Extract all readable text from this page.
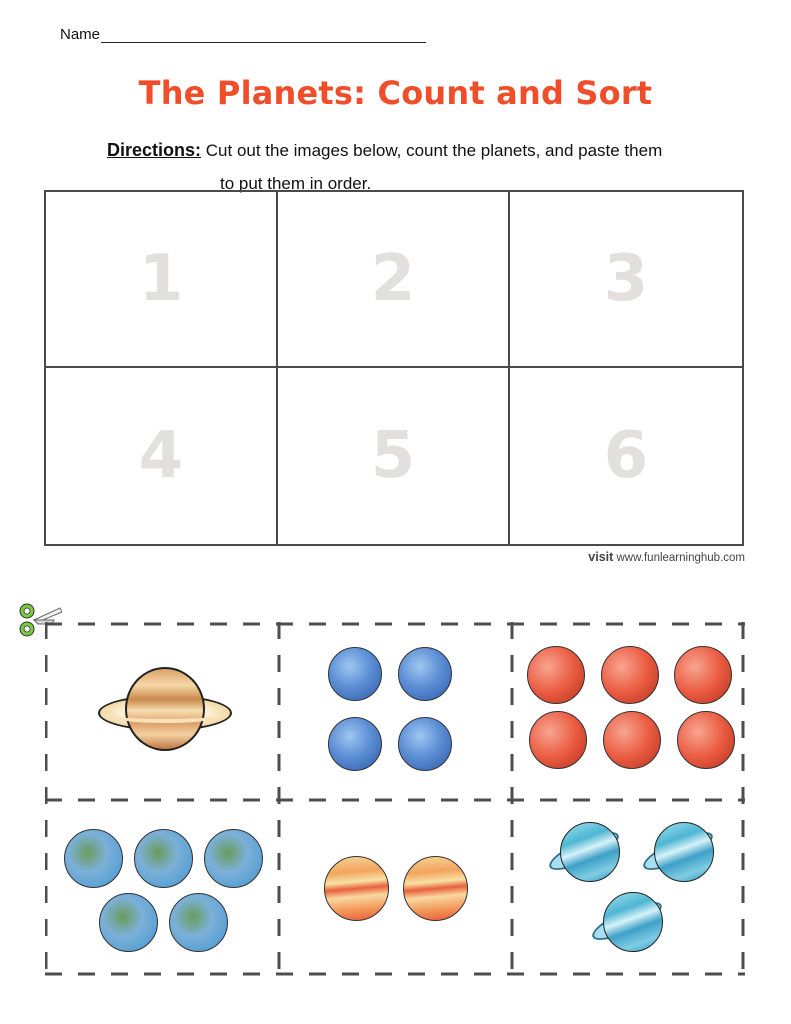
Name
The Planets: Count and Sort
Directions: Cut out the images below, count the planets, and paste them
to put them in order.
1	2	3
4	5	6
visit www.funlearninghub.com
